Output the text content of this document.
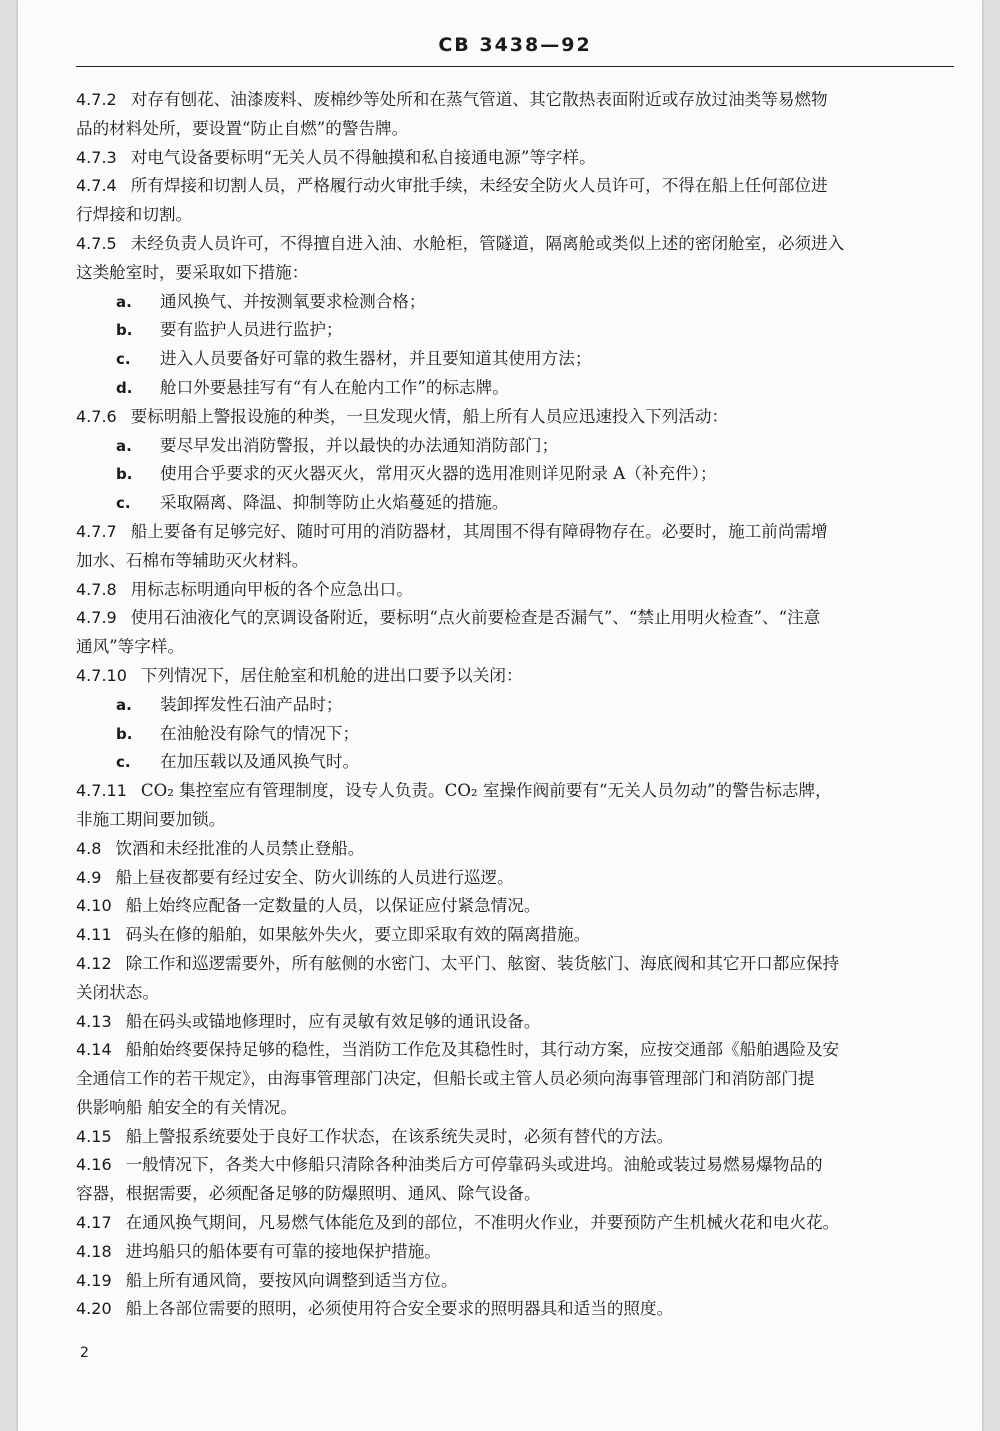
CB 3438—92
4.7.2 对存有刨花、油漆废料、废棉纱等处所和在蒸气管道、其它散热表面附近或存放过油类等易燃物
品的材料处所，要设置“防止自燃”的警告牌。
4.7.3 对电气设备要标明“无关人员不得触摸和私自接通电源”等字样。
4.7.4 所有焊接和切割人员，严格履行动火审批手续，未经安全防火人员许可，不得在船上任何部位进
行焊接和切割。
4.7.5 未经负责人员许可，不得擅自进入油、水舱柜，管隧道，隔离舱或类似上述的密闭舱室，必须进入
这类舱室时，要采取如下措施：
a. 通风换气、并按测氧要求检测合格；
b. 要有监护人员进行监护；
c. 进入人员要备好可靠的救生器材，并且要知道其使用方法；
d. 舱口外要悬挂写有“有人在舱内工作”的标志牌。
4.7.6 要标明船上警报设施的种类，一旦发现火情，船上所有人员应迅速投入下列活动：
a. 要尽早发出消防警报，并以最快的办法通知消防部门；
b. 使用合乎要求的灭火器灭火，常用灭火器的选用准则详见附录 A（补充件）；
c. 采取隔离、降温、抑制等防止火焰蔓延的措施。
4.7.7 船上要备有足够完好、随时可用的消防器材，其周围不得有障碍物存在。必要时，施工前尚需增
加水、石棉布等辅助灭火材料。
4.7.8 用标志标明通向甲板的各个应急出口。
4.7.9 使用石油液化气的烹调设备附近，要标明“点火前要检查是否漏气”、“禁止用明火检查”、“注意
通风”等字样。
4.7.10 下列情况下，居住舱室和机舱的进出口要予以关闭：
a. 装卸挥发性石油产品时；
b. 在油舱没有除气的情况下；
c. 在加压载以及通风换气时。
4.7.11 CO₂ 集控室应有管理制度，设专人负责。CO₂ 室操作阀前要有“无关人员勿动”的警告标志牌，
非施工期间要加锁。
4.8 饮酒和未经批准的人员禁止登船。
4.9 船上昼夜都要有经过安全、防火训练的人员进行巡逻。
4.10 船上始终应配备一定数量的人员，以保证应付紧急情况。
4.11 码头在修的船舶，如果舷外失火，要立即采取有效的隔离措施。
4.12 除工作和巡逻需要外，所有舷侧的水密门、太平门、舷窗、装货舷门、海底阀和其它开口都应保持
关闭状态。
4.13 船在码头或锚地修理时，应有灵敏有效足够的通讯设备。
4.14 船舶始终要保持足够的稳性，当消防工作危及其稳性时，其行动方案，应按交通部《船舶遇险及安
全通信工作的若干规定》，由海事管理部门决定，但船长或主管人员必须向海事管理部门和消防部门提
供影响船 舶安全的有关情况。
4.15 船上警报系统要处于良好工作状态，在该系统失灵时，必须有替代的方法。
4.16 一般情况下，各类大中修船只清除各种油类后方可停靠码头或进坞。油舱或装过易燃易爆物品的
容器，根据需要，必须配备足够的防爆照明、通风、除气设备。
4.17 在通风换气期间，凡易燃气体能危及到的部位，不准明火作业，并要预防产生机械火花和电火花。
4.18 进坞船只的船体要有可靠的接地保护措施。
4.19 船上所有通风筒，要按风向调整到适当方位。
4.20 船上各部位需要的照明，必须使用符合安全要求的照明器具和适当的照度。
2
